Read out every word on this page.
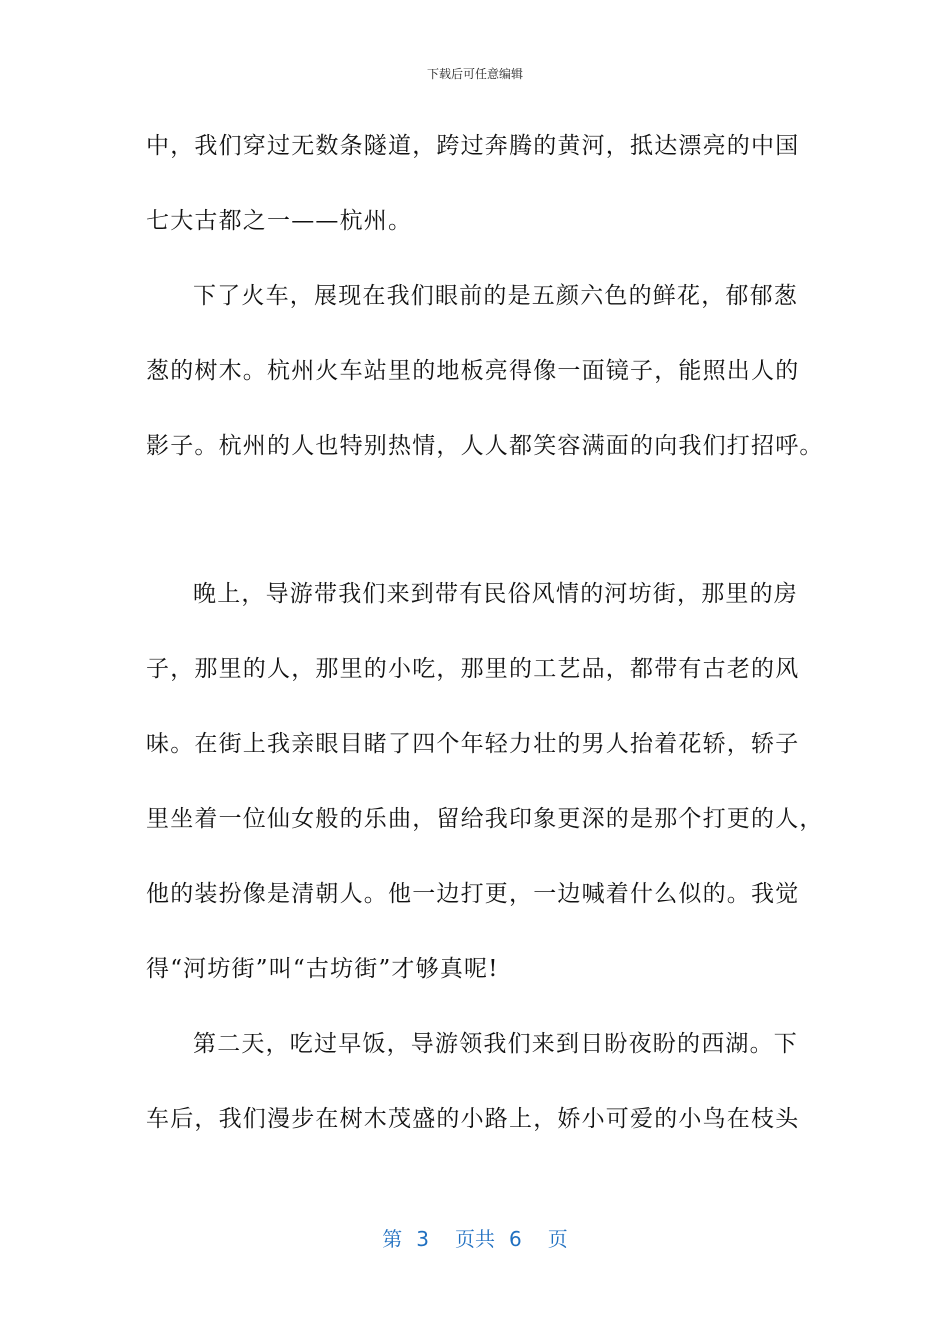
下载后可任意编辑
中，我们穿过无数条隧道，跨过奔腾的黄河，抵达漂亮的中国
七大古都之一——杭州。
下了火车，展现在我们眼前的是五颜六色的鲜花，郁郁葱
葱的树木。杭州火车站里的地板亮得像一面镜子，能照出人的
影子。杭州的人也特别热情，人人都笑容满面的向我们打招呼。
晚上，导游带我们来到带有民俗风情的河坊街，那里的房
子，那里的人，那里的小吃，那里的工艺品，都带有古老的风
味。在街上我亲眼目睹了四个年轻力壮的男人抬着花轿，轿子
里坐着一位仙女般的乐曲，留给我印象更深的是那个打更的人，
他的装扮像是清朝人。他一边打更，一边喊着什么似的。我觉
得“河坊街”叫“古坊街”才够真呢!
第二天，吃过早饭，导游领我们来到日盼夜盼的西湖。下
车后，我们漫步在树木茂盛的小路上，娇小可爱的小鸟在枝头
第 3 页共 6 页
